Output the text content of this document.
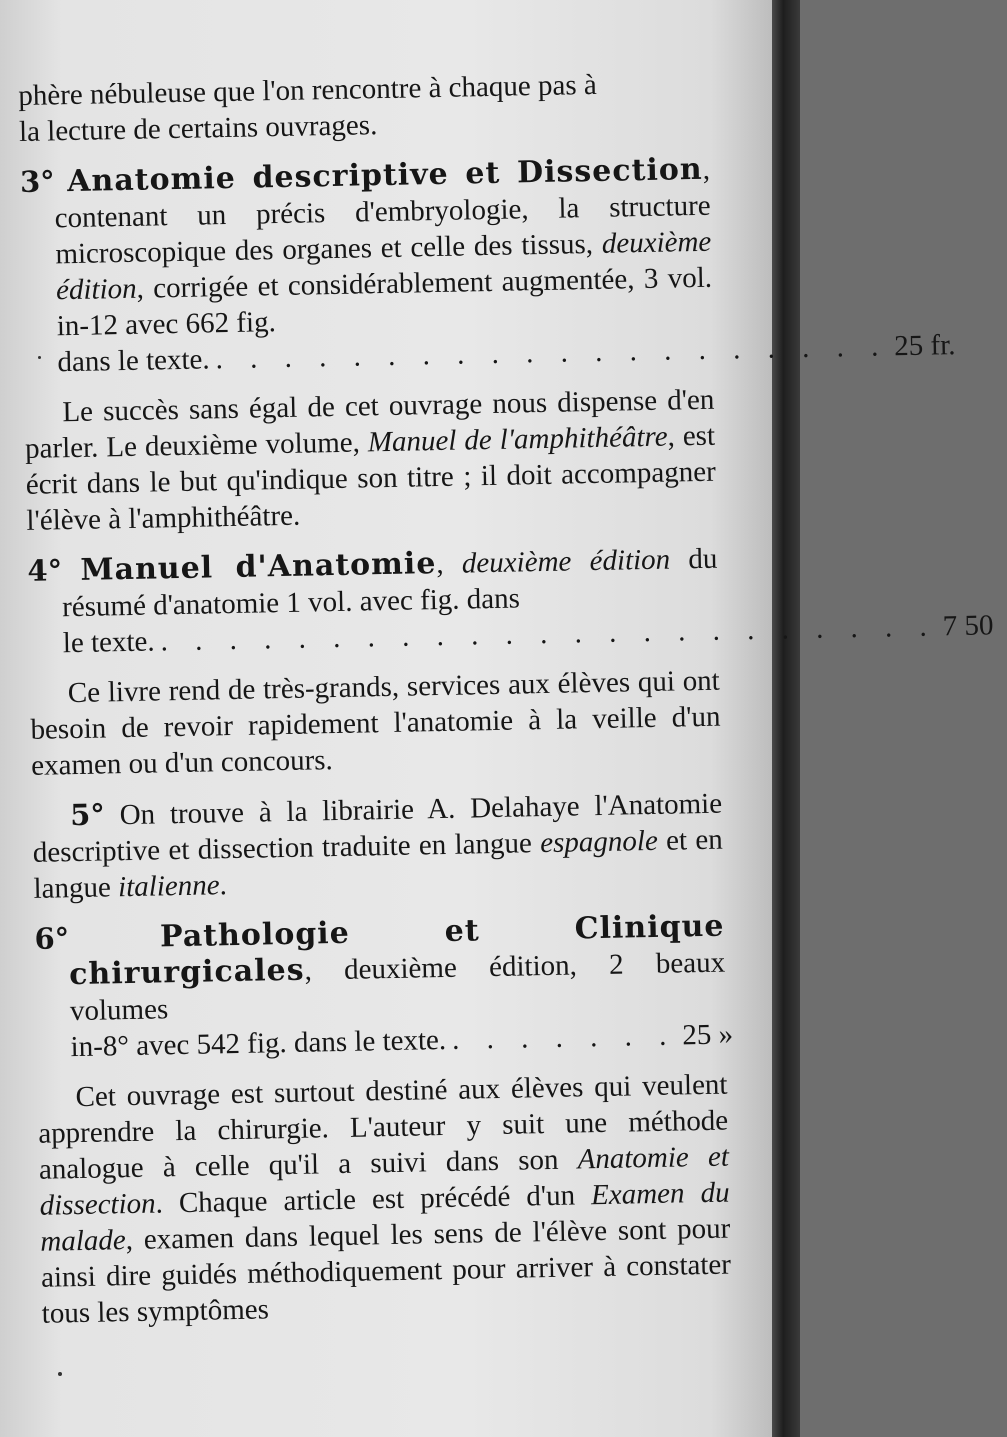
phère nébuleuse que l'on rencontre à chaque pas à
la lecture de certains ouvrages.

3° Anatomie descriptive et Dissection, contenant un précis d'embryologie, la structure microscopique des organes et celle des tissus, deuxième édition, corrigée et considérablement augmentée, 3 vol. in-12 avec 662 fig.

dans le texte. . . . . . . . . . . . . . . . . . . . . 25 fr.

Le succès sans égal de cet ouvrage nous dispense d'en parler. Le deuxième volume, Manuel de l'amphithéâtre, est écrit dans le but qu'indique son titre ; il doit accompagner l'élève à l'amphithéâtre.

4° Manuel d'Anatomie, deuxième édition du résumé d'anatomie 1 vol. avec fig. dans

le texte. . . . . . . . . . . . . . . . . . . . . . . . 7 50

Ce livre rend de très-grands, services aux élèves qui ont besoin de revoir rapidement l'anatomie à la veille d'un examen ou d'un concours.

5° On trouve à la librairie A. Delahaye l'Anatomie descriptive et dissection traduite en langue espagnole et en langue italienne.

6°	Pathologie et Clinique chirurgicales, deuxième édition, 2 beaux volumes

in-8° avec 542 fig. dans le texte. . . . . . . . 25 »

Cet ouvrage est surtout destiné aux élèves qui veulent apprendre la chirurgie. L'auteur y suit une méthode analogue à celle qu'il a suivi dans son Anatomie et dissection. Chaque article est précédé d'un Examen du malade, examen dans lequel les sens de l'élève sont pour ainsi dire guidés méthodiquement pour arriver à constater tous les symptômes
